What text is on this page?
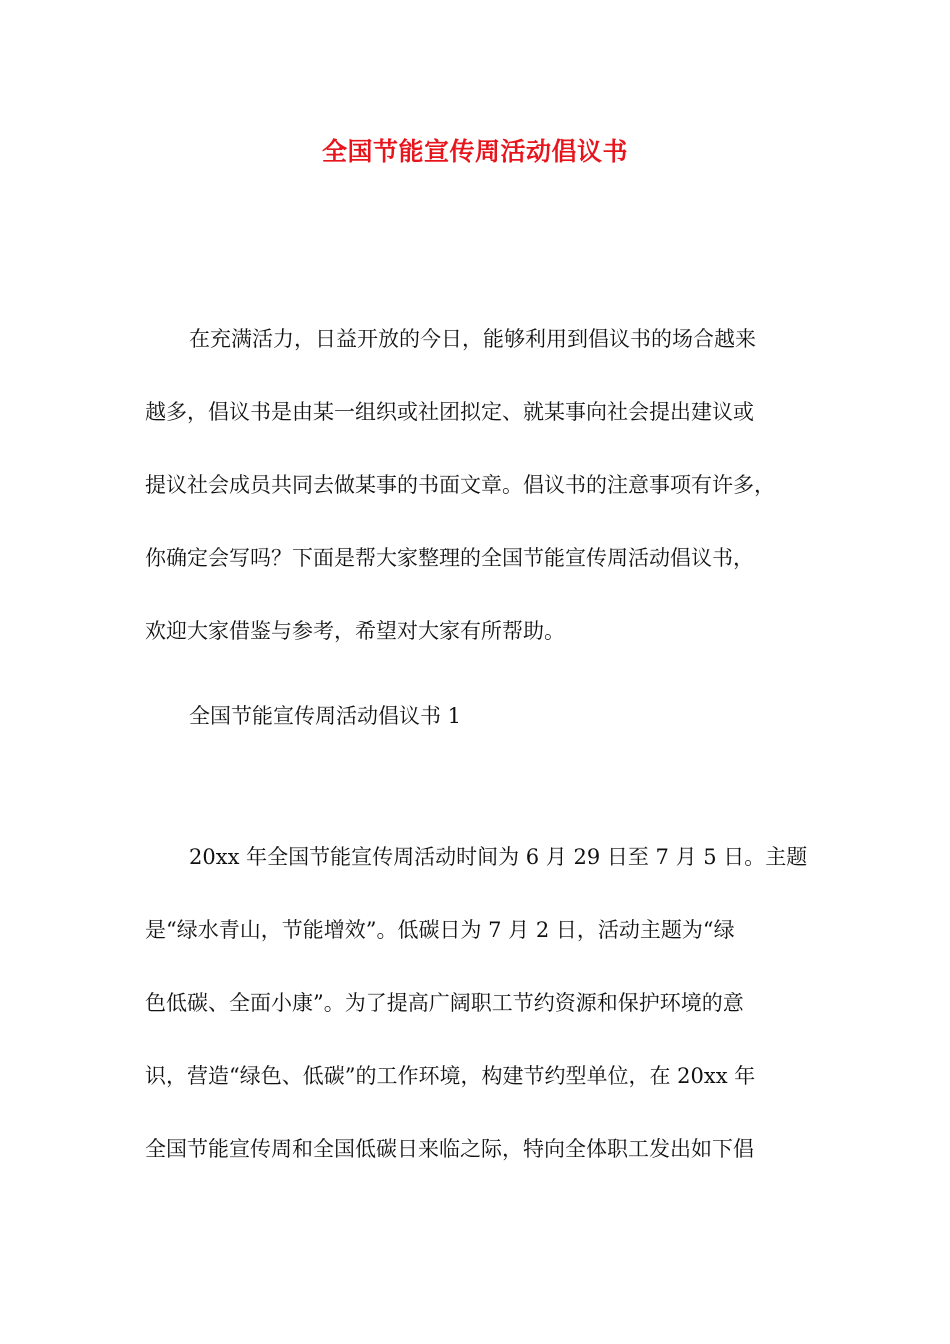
全国节能宣传周活动倡议书
在充满活力，日益开放的今日，能够利用到倡议书的场合越来
越多，倡议书是由某一组织或社团拟定、就某事向社会提出建议或
提议社会成员共同去做某事的书面文章。倡议书的注意事项有许多，
你确定会写吗？下面是帮大家整理的全国节能宣传周活动倡议书，
欢迎大家借鉴与参考，希望对大家有所帮助。
全国节能宣传周活动倡议书 1
20xx 年全国节能宣传周活动时间为 6 月 29 日至 7 月 5 日。主题
是“绿水青山，节能增效”。低碳日为 7 月 2 日，活动主题为“绿
色低碳、全面小康”。为了提高广阔职工节约资源和保护环境的意
识，营造“绿色、低碳”的工作环境，构建节约型单位，在 20xx 年
全国节能宣传周和全国低碳日来临之际，特向全体职工发出如下倡
